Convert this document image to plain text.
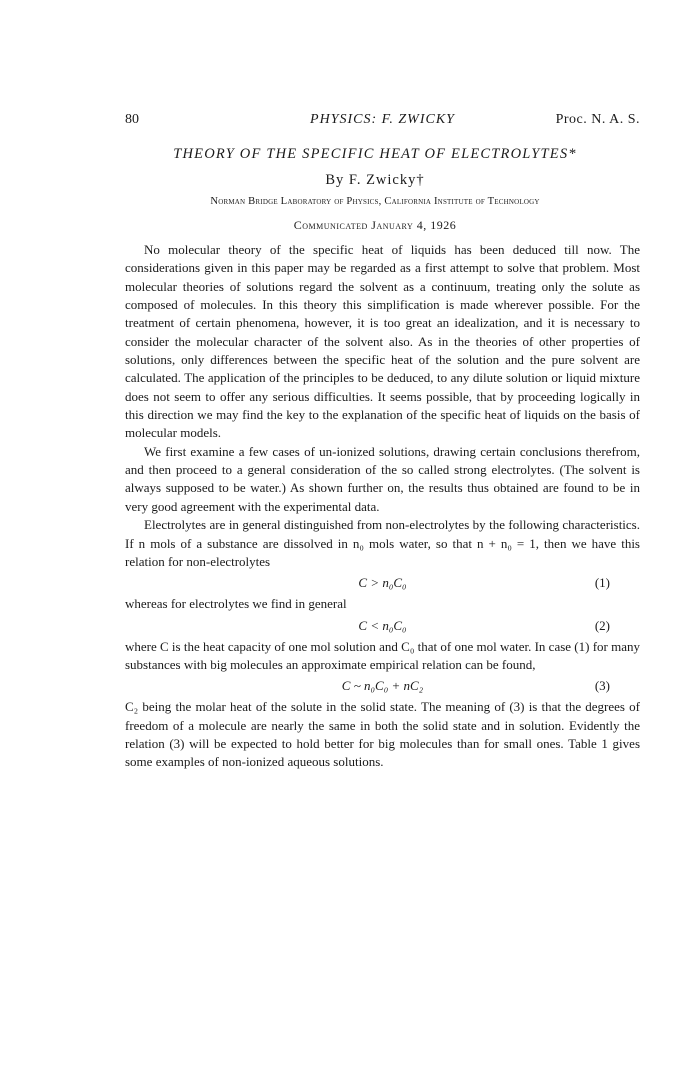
80	PHYSICS: F. ZWICKY	Proc. N. A. S.
THEORY OF THE SPECIFIC HEAT OF ELECTROLYTES*
By F. Zwicky†
Norman Bridge Laboratory of Physics, California Institute of Technology
Communicated January 4, 1926

No molecular theory of the specific heat of liquids has been deduced till now. The considerations given in this paper may be regarded as a first attempt to solve that problem. Most molecular theories of solutions regard the solvent as a continuum, treating only the solute as composed of molecules. In this theory this simplification is made wherever possible. For the treatment of certain phenomena, however, it is too great an idealization, and it is necessary to consider the molecular character of the solvent also. As in the theories of other properties of solutions, only differences between the specific heat of the solution and the pure solvent are calculated. The application of the principles to be deduced, to any dilute solution or liquid mixture does not seem to offer any serious difficulties. It seems possible, that by proceeding logically in this direction we may find the key to the explanation of the specific heat of liquids on the basis of molecular models.

We first examine a few cases of un-ionized solutions, drawing certain conclusions therefrom, and then proceed to a general consideration of the so called strong electrolytes. (The solvent is always supposed to be water.) As shown further on, the results thus obtained are found to be in very good agreement with the experimental data.

Electrolytes are in general distinguished from non-electrolytes by the following characteristics. If n mols of a substance are dissolved in n₀ mols water, so that n + n₀ = 1, then we have this relation for non-electrolytes

C > n₀C₀	(1)

whereas for electrolytes we find in general

C < n₀C₀	(2)

where C is the heat capacity of one mol solution and C₀ that of one mol water. In case (1) for many substances with big molecules an approximate empirical relation can be found,

C ~ n₀C₀ + nC₂	(3)

C₂ being the molar heat of the solute in the solid state. The meaning of (3) is that the degrees of freedom of a molecule are nearly the same in both the solid state and in solution. Evidently the relation (3) will be expected to hold better for big molecules than for small ones. Table 1 gives some examples of non-ionized aqueous solutions.
